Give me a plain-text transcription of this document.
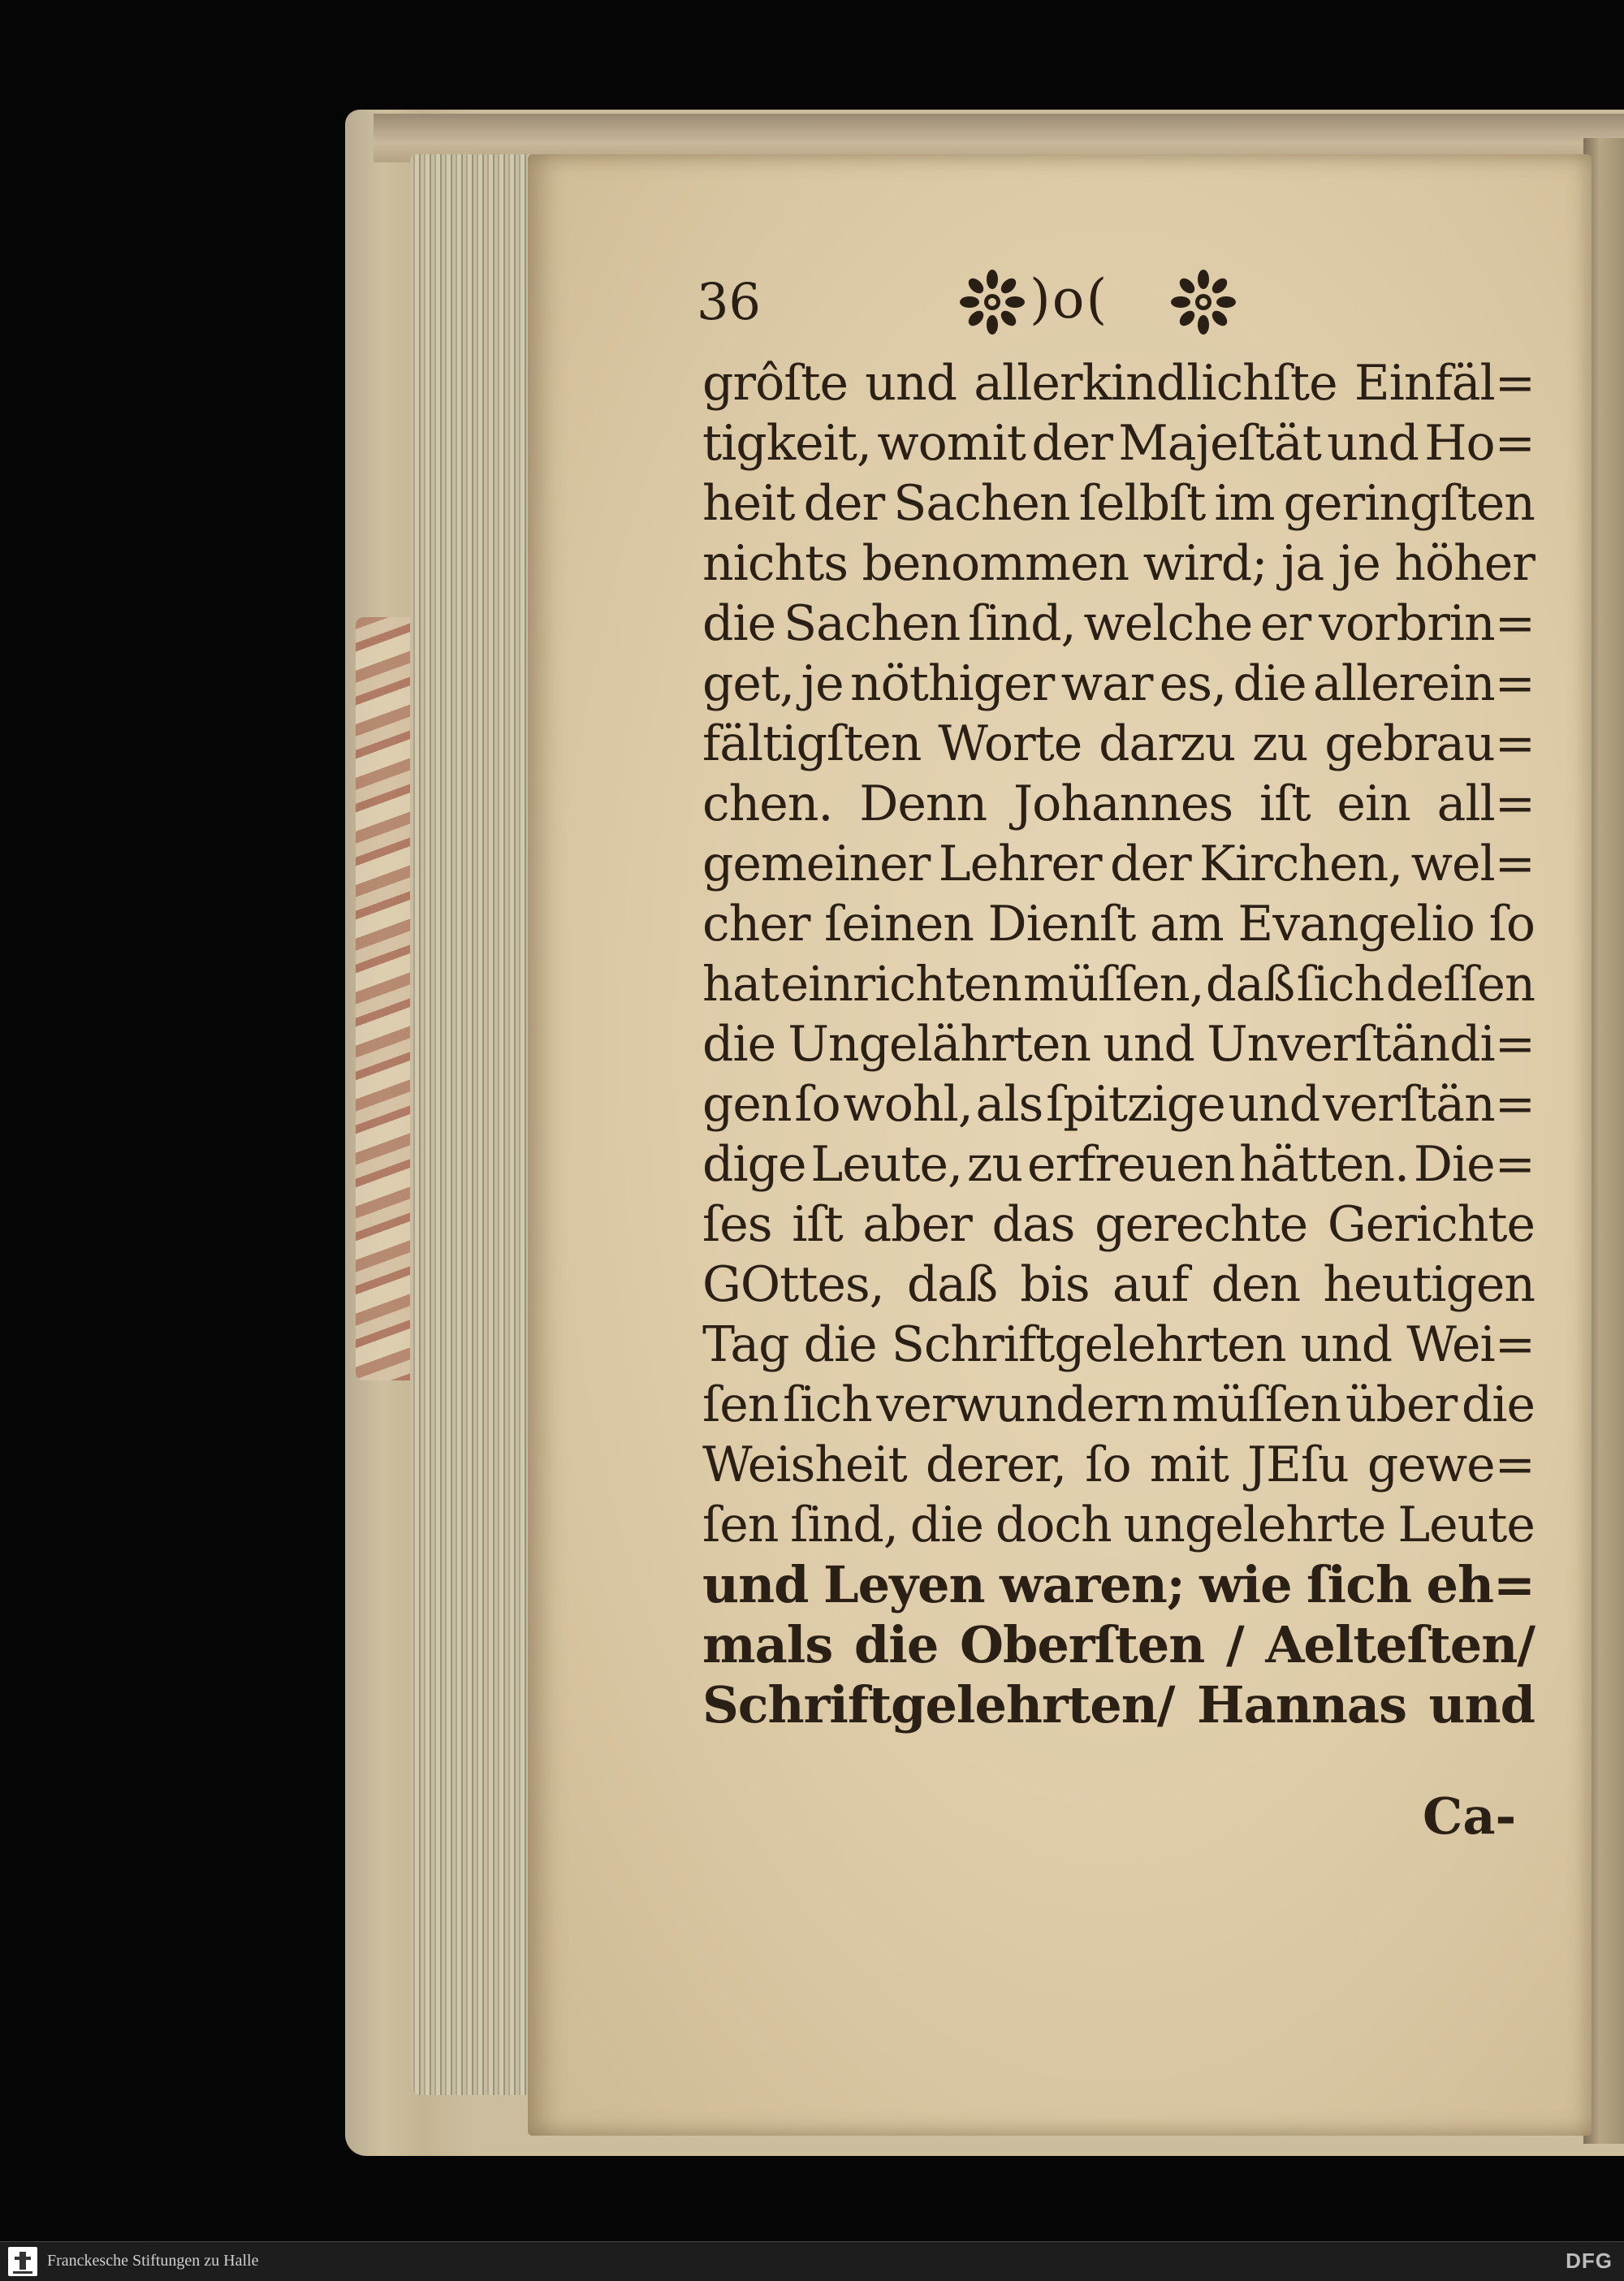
36	)o(
grôſte und allerkindlichſte Einfäl=
tigkeit, womit der Majeſtät und Ho=
heit der Sachen ſelbſt im geringſten
nichts benommen wird; ja je höher
die Sachen ſind, welche er vorbrin=
get, je nöthiger war es, die allerein=
fältigſten Worte darzu zu gebrau=
chen. Denn Johannes iſt ein all=
gemeiner Lehrer der Kirchen, wel=
cher ſeinen Dienſt am Evangelio ſo
hat einrichten müſſen, daß ſich deſſen
die Ungelährten und Unverſtändi=
gen ſo wohl, als ſpitzige und verſtän=
dige Leute, zu erfreuen hätten. Die=
ſes iſt aber das gerechte Gerichte
GOttes, daß bis auf den heutigen
Tag die Schriftgelehrten und Wei=
ſen ſich verwundern müſſen über die
Weisheit derer, ſo mit JEſu gewe=
ſen ſind, die doch ungelehrte Leute
und Leyen waren; wie ſich eh=
mals die Oberſten / Aelteſten/
Schriftgelehrten/ Hannas und
Ca-
Franckesche Stiftungen zu Halle	DFG
